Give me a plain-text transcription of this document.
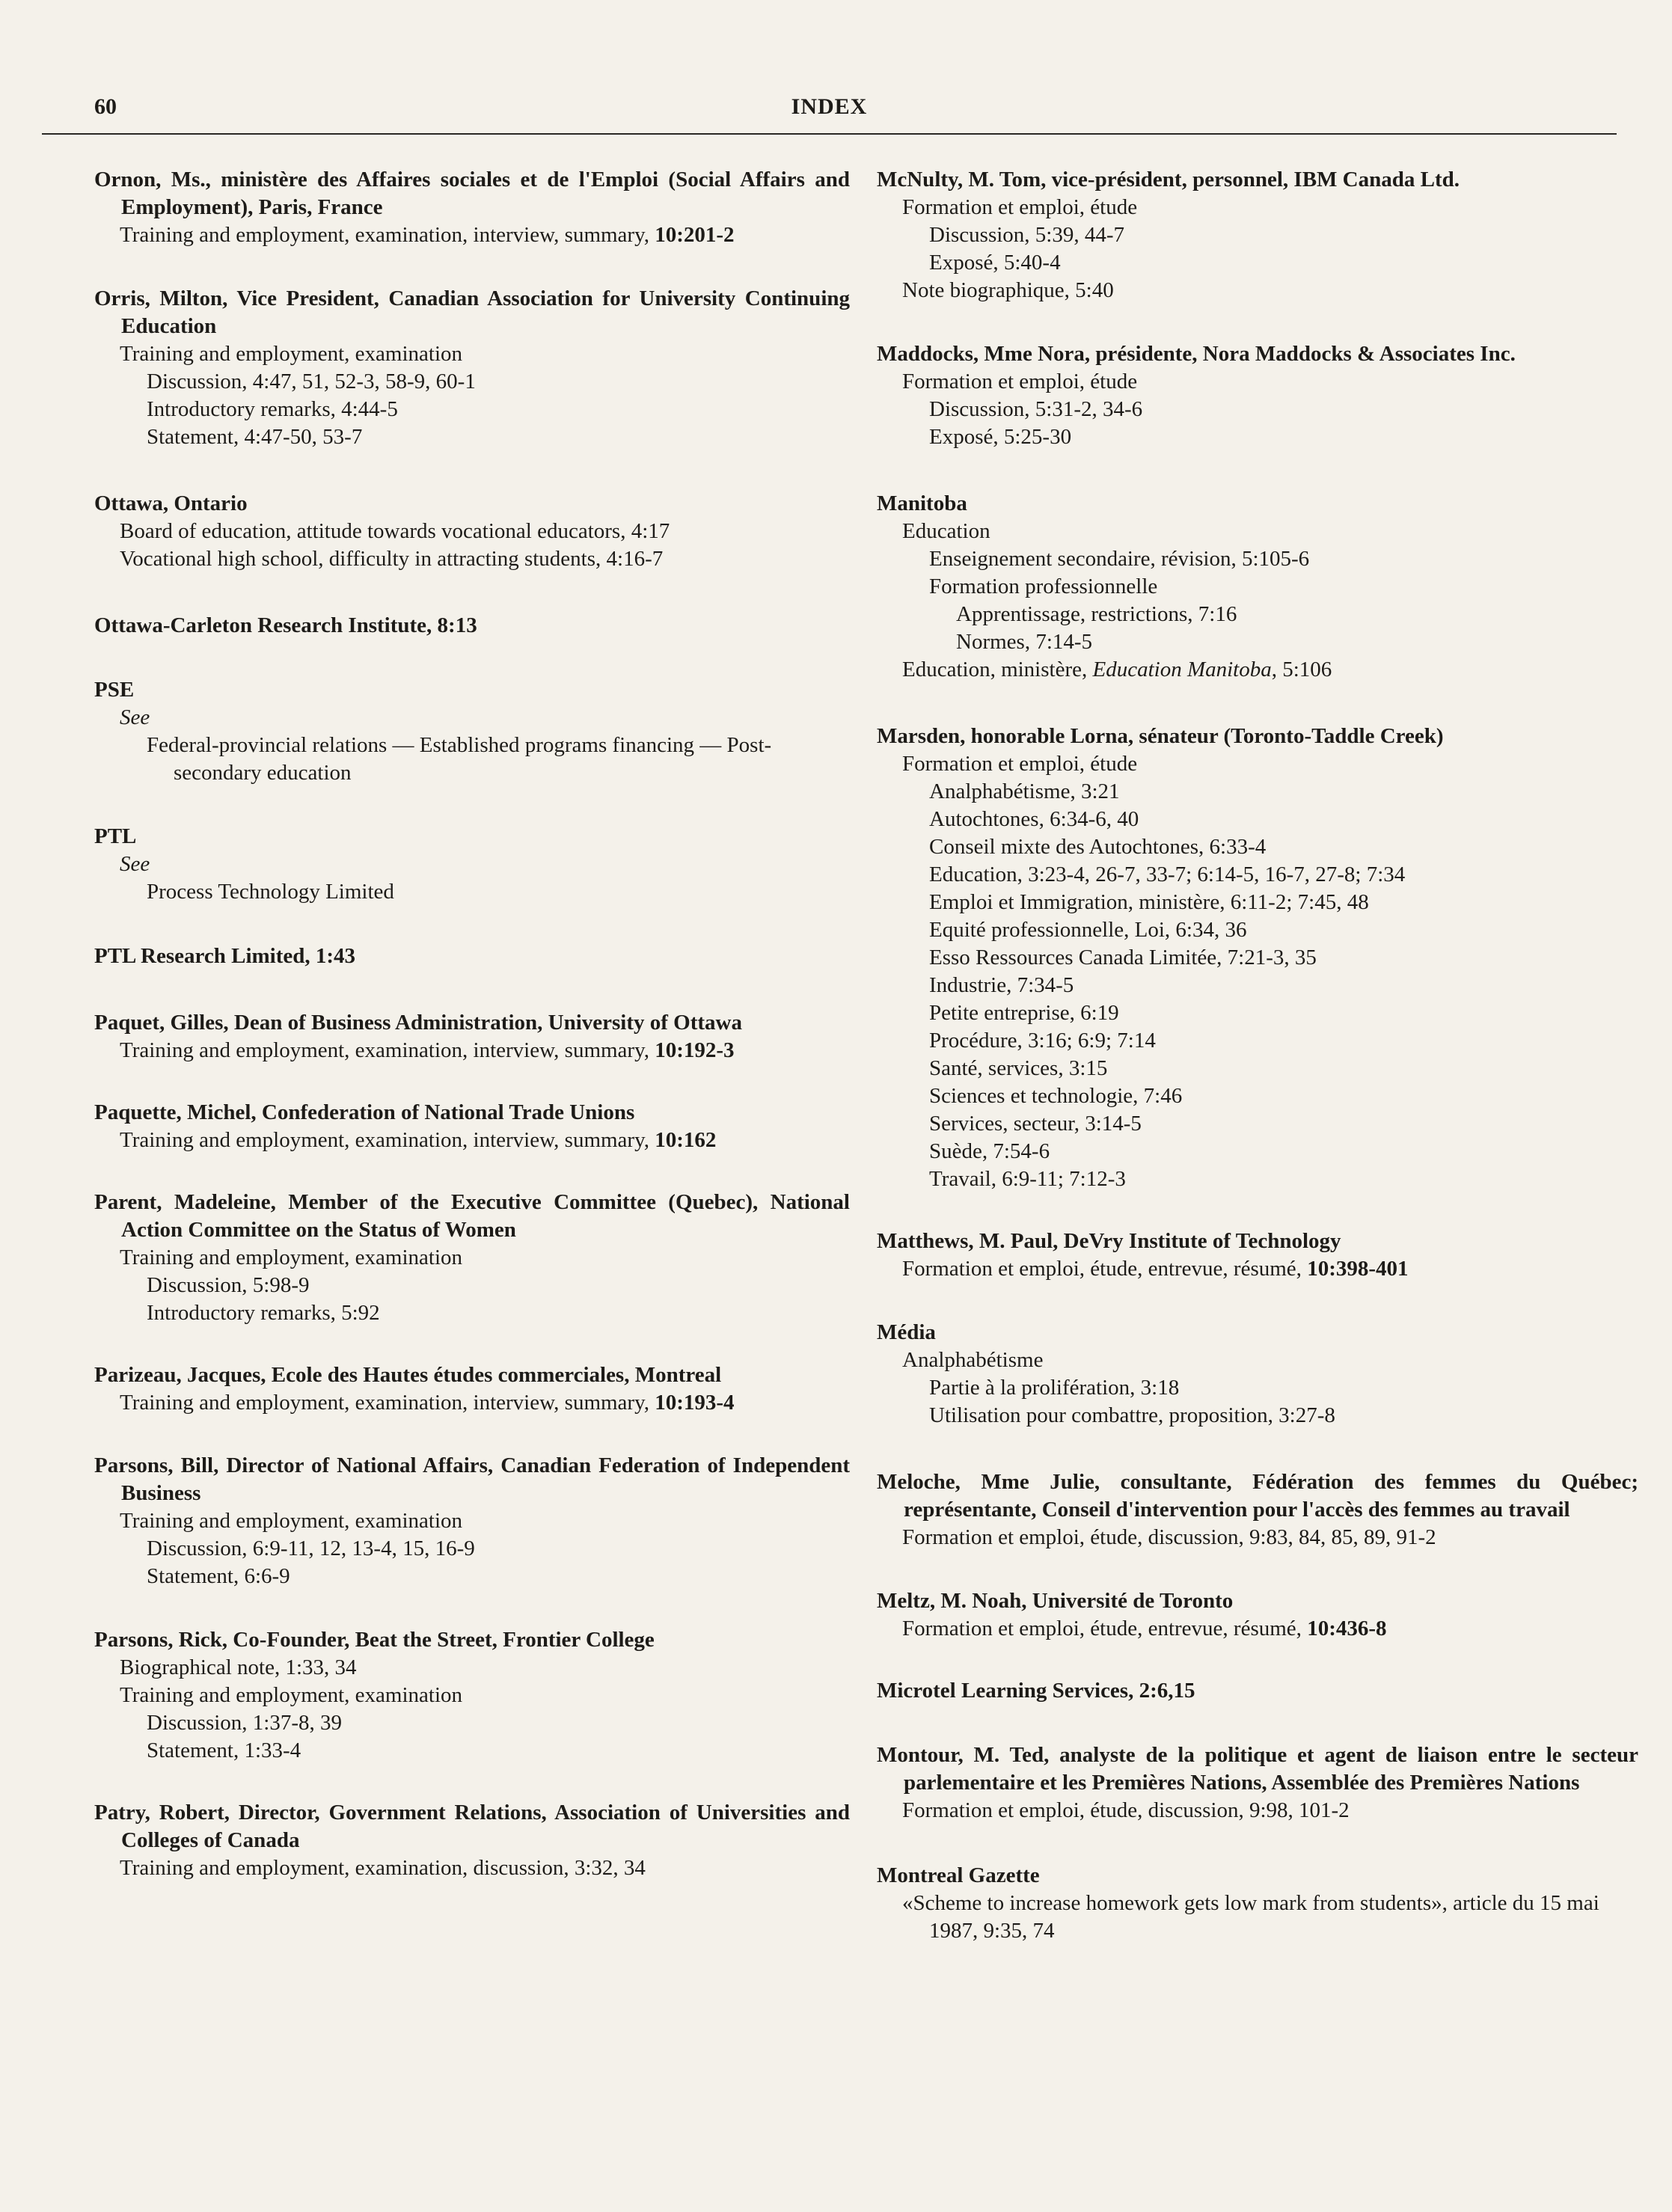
60	INDEX
Ornon, Ms., ministère des Affaires sociales et de l'Emploi (Social Affairs and Employment), Paris, France
Training and employment, examination, interview, summary, 10:201-2
Orris, Milton, Vice President, Canadian Association for University Continuing Education
Training and employment, examination
Discussion, 4:47, 51, 52-3, 58-9, 60-1
Introductory remarks, 4:44-5
Statement, 4:47-50, 53-7
Ottawa, Ontario
Board of education, attitude towards vocational educators, 4:17
Vocational high school, difficulty in attracting students, 4:16-7
Ottawa-Carleton Research Institute, 8:13
PSE
See
Federal-provincial relations — Established programs financing — Post-secondary education
PTL
See
Process Technology Limited
PTL Research Limited, 1:43
Paquet, Gilles, Dean of Business Administration, University of Ottawa
Training and employment, examination, interview, summary, 10:192-3
Paquette, Michel, Confederation of National Trade Unions
Training and employment, examination, interview, summary, 10:162
Parent, Madeleine, Member of the Executive Committee (Quebec), National Action Committee on the Status of Women
Training and employment, examination
Discussion, 5:98-9
Introductory remarks, 5:92
Parizeau, Jacques, Ecole des Hautes études commerciales, Montreal
Training and employment, examination, interview, summary, 10:193-4
Parsons, Bill, Director of National Affairs, Canadian Federation of Independent Business
Training and employment, examination
Discussion, 6:9-11, 12, 13-4, 15, 16-9
Statement, 6:6-9
Parsons, Rick, Co-Founder, Beat the Street, Frontier College
Biographical note, 1:33, 34
Training and employment, examination
Discussion, 1:37-8, 39
Statement, 1:33-4
Patry, Robert, Director, Government Relations, Association of Universities and Colleges of Canada
Training and employment, examination, discussion, 3:32, 34
McNulty, M. Tom, vice-président, personnel, IBM Canada Ltd.
Formation et emploi, étude
Discussion, 5:39, 44-7
Exposé, 5:40-4
Note biographique, 5:40
Maddocks, Mme Nora, présidente, Nora Maddocks & Associates Inc.
Formation et emploi, étude
Discussion, 5:31-2, 34-6
Exposé, 5:25-30
Manitoba
Education
Enseignement secondaire, révision, 5:105-6
Formation professionnelle
Apprentissage, restrictions, 7:16
Normes, 7:14-5
Education, ministère, Education Manitoba, 5:106
Marsden, honorable Lorna, sénateur (Toronto-Taddle Creek)
Formation et emploi, étude
Analphabétisme, 3:21
Autochtones, 6:34-6, 40
Conseil mixte des Autochtones, 6:33-4
Education, 3:23-4, 26-7, 33-7; 6:14-5, 16-7, 27-8; 7:34
Emploi et Immigration, ministère, 6:11-2; 7:45, 48
Equité professionnelle, Loi, 6:34, 36
Esso Ressources Canada Limitée, 7:21-3, 35
Industrie, 7:34-5
Petite entreprise, 6:19
Procédure, 3:16; 6:9; 7:14
Santé, services, 3:15
Sciences et technologie, 7:46
Services, secteur, 3:14-5
Suède, 7:54-6
Travail, 6:9-11; 7:12-3
Matthews, M. Paul, DeVry Institute of Technology
Formation et emploi, étude, entrevue, résumé, 10:398-401
Média
Analphabétisme
Partie à la prolifération, 3:18
Utilisation pour combattre, proposition, 3:27-8
Meloche, Mme Julie, consultante, Fédération des femmes du Québec; représentante, Conseil d'intervention pour l'accès des femmes au travail
Formation et emploi, étude, discussion, 9:83, 84, 85, 89, 91-2
Meltz, M. Noah, Université de Toronto
Formation et emploi, étude, entrevue, résumé, 10:436-8
Microtel Learning Services, 2:6,15
Montour, M. Ted, analyste de la politique et agent de liaison entre le secteur parlementaire et les Premières Nations, Assemblée des Premières Nations
Formation et emploi, étude, discussion, 9:98, 101-2
Montreal Gazette
«Scheme to increase homework gets low mark from students», article du 15 mai 1987, 9:35, 74
